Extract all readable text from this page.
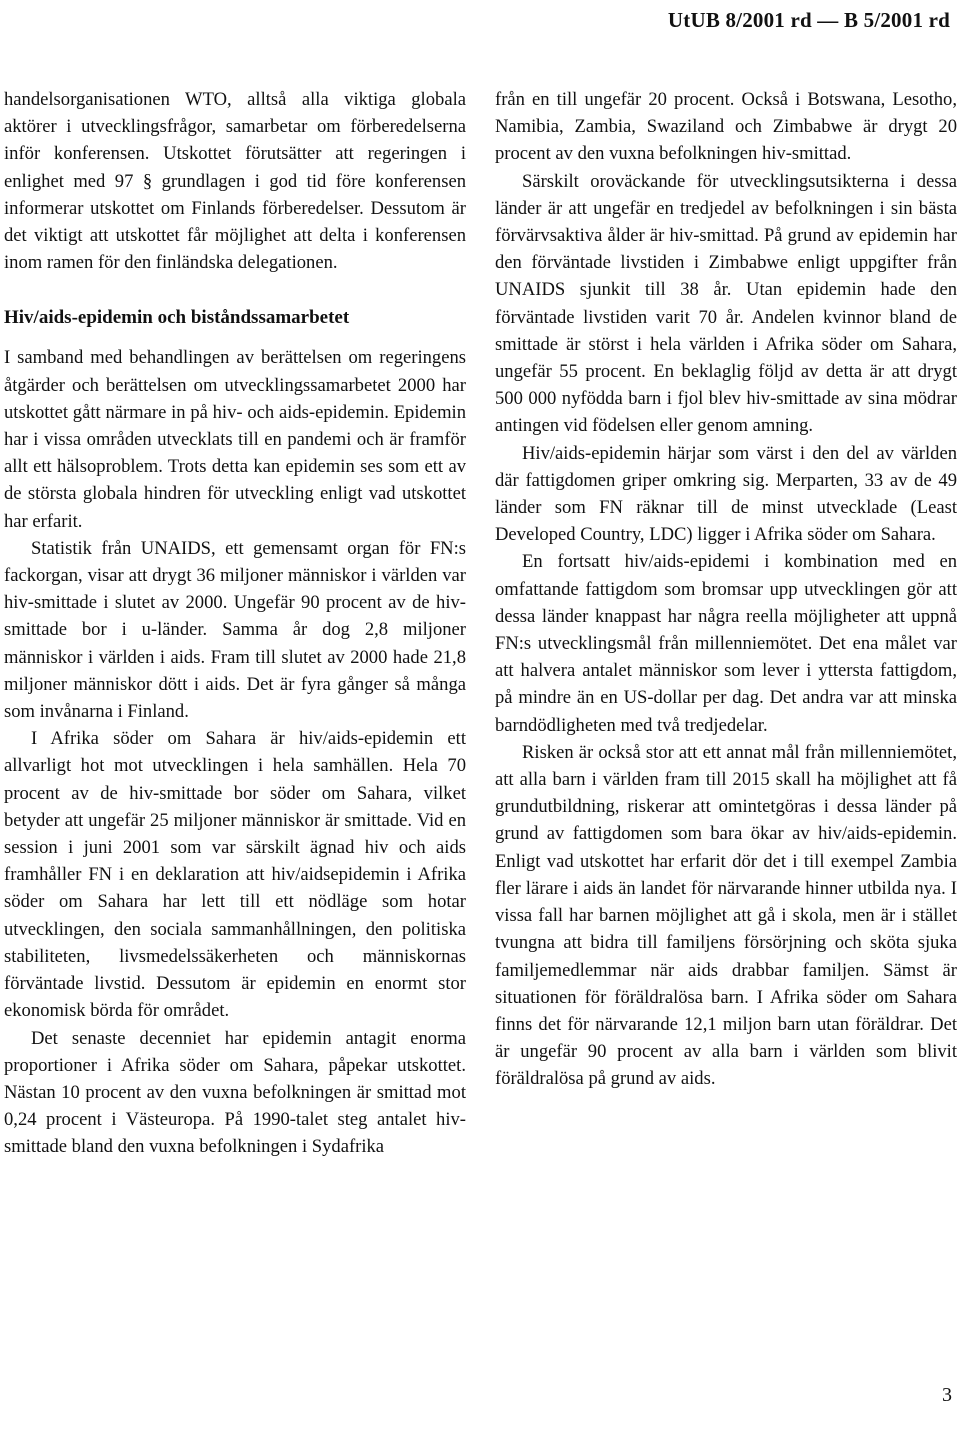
UtUB 8/2001 rd — B 5/2001 rd

handelsorganisationen WTO, alltså alla viktiga globala aktörer i utvecklingsfrågor, samarbetar om förberedelserna inför konferensen. Utskottet förutsätter att regeringen i enlighet med 97 § grundlagen i god tid före konferensen informerar utskottet om Finlands förberedelser. Dessutom är det viktigt att utskottet får möjlighet att delta i konferensen inom ramen för den finländska delegationen.

Hiv/aids-epidemin och biståndssamarbetet

I samband med behandlingen av berättelsen om regeringens åtgärder och berättelsen om utvecklingssamarbetet 2000 har utskottet gått närmare in på hiv- och aids-epidemin. Epidemin har i vissa områden utvecklats till en pandemi och är framför allt ett hälsoproblem. Trots detta kan epidemin ses som ett av de största globala hindren för utveckling enligt vad utskottet har erfarit.

Statistik från UNAIDS, ett gemensamt organ för FN:s fackorgan, visar att drygt 36 miljoner människor i världen var hiv-smittade i slutet av 2000. Ungefär 90 procent av de hiv-smittade bor i u-länder. Samma år dog 2,8 miljoner människor i världen i aids. Fram till slutet av 2000 hade 21,8 miljoner människor dött i aids. Det är fyra gånger så många som invånarna i Finland.

I Afrika söder om Sahara är hiv/aids-epidemin ett allvarligt hot mot utvecklingen i hela samhällen. Hela 70 procent av de hiv-smittade bor söder om Sahara, vilket betyder att ungefär 25 miljoner människor är smittade. Vid en session i juni 2001 som var särskilt ägnad hiv och aids framhåller FN i en deklaration att hiv/aidsepidemin i Afrika söder om Sahara har lett till ett nödläge som hotar utvecklingen, den sociala sammanhållningen, den politiska stabiliteten, livsmedelssäkerheten och människornas förväntade livstid. Dessutom är epidemin en enormt stor ekonomisk börda för området.

Det senaste decenniet har epidemin antagit enorma proportioner i Afrika söder om Sahara, påpekar utskottet. Nästan 10 procent av den vuxna befolkningen är smittad mot 0,24 procent i Västeuropa. På 1990-talet steg antalet hiv-smittade bland den vuxna befolkningen i Sydafrika

från en till ungefär 20 procent. Också i Botswana, Lesotho, Namibia, Zambia, Swaziland och Zimbabwe är drygt 20 procent av den vuxna befolkningen hiv-smittad.

Särskilt oroväckande för utvecklingsutsikterna i dessa länder är att ungefär en tredjedel av befolkningen i sin bästa förvärvsaktiva ålder är hiv-smittad. På grund av epidemin har den förväntade livstiden i Zimbabwe enligt uppgifter från UNAIDS sjunkit till 38 år. Utan epidemin hade den förväntade livstiden varit 70 år. Andelen kvinnor bland de smittade är störst i hela världen i Afrika söder om Sahara, ungefär 55 procent. En beklaglig följd av detta är att drygt 500 000 nyfödda barn i fjol blev hiv-smittade av sina mödrar antingen vid födelsen eller genom amning.

Hiv/aids-epidemin härjar som värst i den del av världen där fattigdomen griper omkring sig. Merparten, 33 av de 49 länder som FN räknar till de minst utvecklade (Least Developed Country, LDC) ligger i Afrika söder om Sahara.

En fortsatt hiv/aids-epidemi i kombination med en omfattande fattigdom som bromsar upp utvecklingen gör att dessa länder knappast har några reella möjligheter att uppnå FN:s utvecklingsmål från millenniemötet. Det ena målet var att halvera antalet människor som lever i yttersta fattigdom, på mindre än en US-dollar per dag. Det andra var att minska barndödligheten med två tredjedelar.

Risken är också stor att ett annat mål från millenniemötet, att alla barn i världen fram till 2015 skall ha möjlighet att få grundutbildning, riskerar att omintetgöras i dessa länder på grund av fattigdomen som bara ökar av hiv/aids-epidemin. Enligt vad utskottet har erfarit dör det i till exempel Zambia fler lärare i aids än landet för närvarande hinner utbilda nya. I vissa fall har barnen möjlighet att gå i skola, men är i stället tvungna att bidra till familjens försörjning och sköta sjuka familjemedlemmar när aids drabbar familjen. Sämst är situationen för föräldralösa barn. I Afrika söder om Sahara finns det för närvarande 12,1 miljon barn utan föräldrar. Det är ungefär 90 procent av alla barn i världen som blivit föräldralösa på grund av aids.

3
